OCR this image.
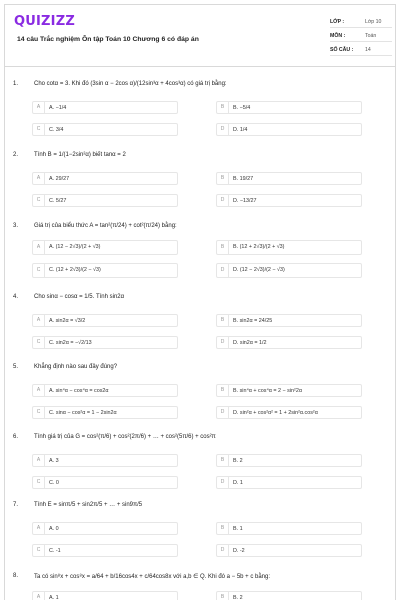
QUIZIZZ
14 câu Trắc nghiệm Ôn tập Toán 10 Chương 6 có đáp án
LỚP :	Lớp 10
MÔN :	Toán
SỐ CÂU : 14
1.	Cho cotα = 3. Khi đó (3sin α − 2cos α)/(12sin³α + 4cos³α) có giá trị bằng:
A	A. −1/4	B	B. −5/4
C	C. 3/4	D	D. 1/4
2.	Tính B = 1/(1−2sin²α) biết tanα = 2
A	A. 29/27	B	B. 19/27
C	C. 5/27	D	D. −13/27
3.	Giá trị của biểu thức A = tan²(π/24) + cot²(π/24) bằng:
A	A. (12 − 2√3)/(2 + √3)	B	B. (12 + 2√3)/(2 + √3)
C	C. (12 + 2√3)/(2 − √3)	D	D. (12 − 2√3)/(2 − √3)
4.	Cho sinα − cosα = 1/5. Tính sin2α
A	A. sin2α = √3/2	B	B. sin2α = 24/25
C	C. sin2α = −√2/13	D	D. sin2α = 1/2
5.	Khẳng định nào sau đây đúng?
A	A. sin⁴α − cos⁴α = cos2α	B	B. sin⁴α + cos⁴α = 2 − sin²2α
C	C. sinα − cos²α = 1 − 2sin2α	D	D. sin²α + cos²α² = 1 + 2sin²α.cos²α
6.	Tính giá trị của G = cos²(π/6) + cos²(2π/6) + … + cos²(5π/6) + cos²π
A	A. 3	B	B. 2
C	C. 0	D	D. 1
7.	Tính E = sinπ/5 + sin2π/5 + … + sin9π/5
A	A. 0	B	B. 1
C	C. -1	D	D. -2
8.	Ta có sin⁸x + cos⁸x = a/64 + b/16cos4x + c/64cos8x với a,b ∈ Q. Khi đó a − 5b + c bằng:
A	A. 1	B	B. 2
